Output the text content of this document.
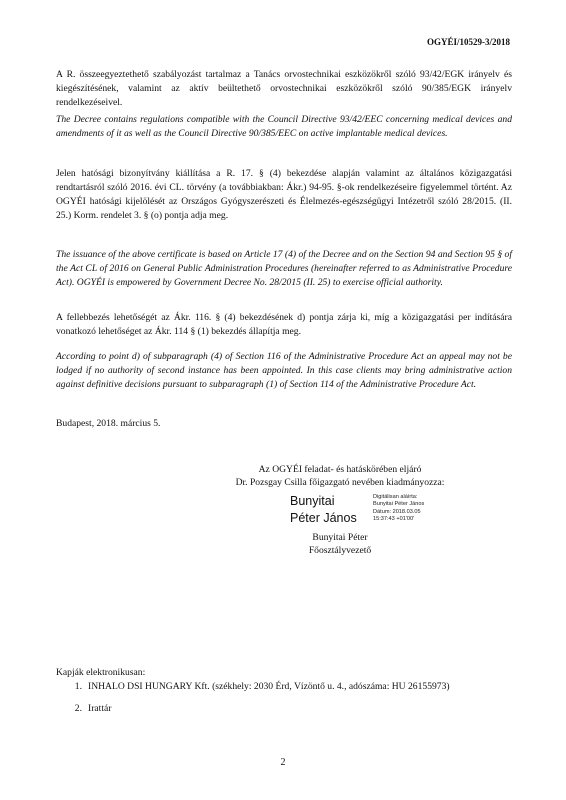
OGYÉI/10529-3/2018

A R. összeegyeztethető szabályozást tartalmaz a Tanács orvostechnikai eszközökről szóló 93/42/EGK irányelv és kiegészítésének, valamint az aktív beültethető orvostechnikai eszközökről szóló 90/385/EGK irányelv rendelkezéseivel.

The Decree contains regulations compatible with the Council Directive 93/42/EEC concerning medical devices and amendments of it as well as the Council Directive 90/385/EEC on active implantable medical devices.

Jelen hatósági bizonyítvány kiállítása a R. 17. § (4) bekezdése alapján valamint az általános közigazgatási rendtartásról szóló 2016. évi CL. törvény (a továbbiakban: Ákr.) 94-95. §-ok rendelkezéseire figyelemmel történt. Az OGYÉI hatósági kijelölését az Országos Gyógyszerészeti és Élelmezés-egészségügyi Intézetről szóló 28/2015. (II. 25.) Korm. rendelet 3. § (o) pontja adja meg.

The issuance of the above certificate is based on Article 17 (4) of the Decree and on the Section 94 and Section 95 § of the Act CL of 2016 on General Public Administration Procedures (hereinafter referred to as Administrative Procedure Act). OGYÉI is empowered by Government Decree No. 28/2015 (II. 25) to exercise official authority.

A fellebbezés lehetőségét az Ákr. 116. § (4) bekezdésének d) pontja zárja ki, míg a közigazgatási per indítására vonatkozó lehetőséget az Ákr. 114 § (1) bekezdés állapítja meg.

According to point d) of subparagraph (4) of Section 116 of the Administrative Procedure Act an appeal may not be lodged if no authority of second instance has been appointed. In this case clients may bring administrative action against definitive decisions pursuant to subparagraph (1) of Section 114 of the Administrative Procedure Act.

Budapest, 2018. március 5.

Az OGYÉI feladat- és hatáskörében eljáró
Dr. Pozsgay Csilla főigazgató nevében kiadmányozza:
Bunyitai
Péter János
Digitálisan aláírta:
Bunyitai Péter János
Dátum: 2018.03.05
15:37:43 +01'00'
Bunyitai Péter
Főosztályvezető
Kapják elektronikusan:
1. INHALO DSI HUNGARY Kft. (székhely: 2030 Érd, Vízöntő u. 4., adószáma: HU 26155973)
2. Irattár
2
